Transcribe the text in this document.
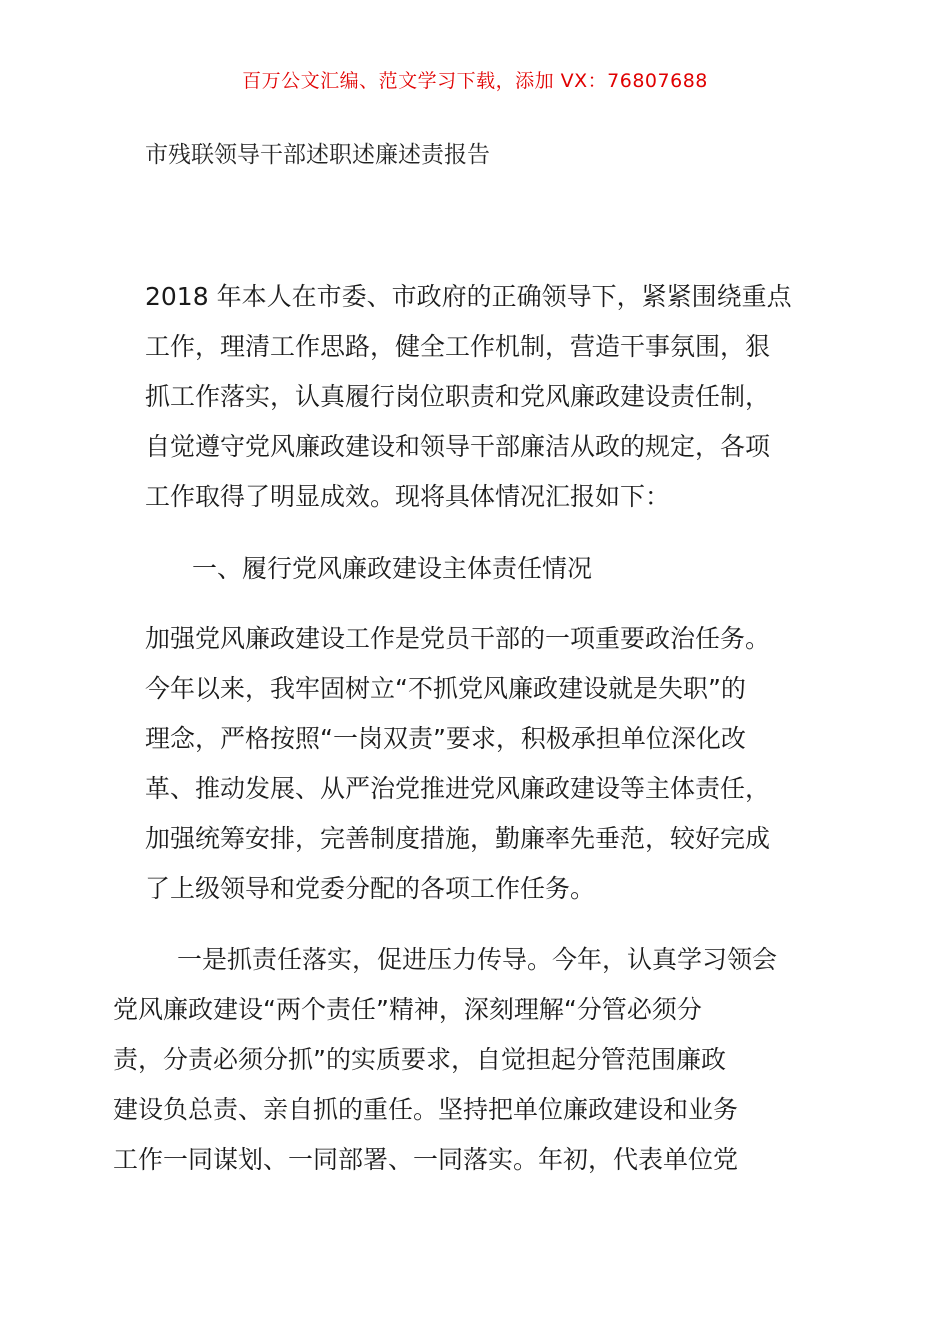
百万公文汇编、范文学习下载，添加 VX：76807688
市残联领导干部述职述廉述责报告
2018 年本人在市委、市政府的正确领导下，紧紧围绕重点
工作，理清工作思路，健全工作机制，营造干事氛围，狠
抓工作落实，认真履行岗位职责和党风廉政建设责任制，
自觉遵守党风廉政建设和领导干部廉洁从政的规定，各项
工作取得了明显成效。现将具体情况汇报如下：
一、履行党风廉政建设主体责任情况
加强党风廉政建设工作是党员干部的一项重要政治任务。
今年以来，我牢固树立“不抓党风廉政建设就是失职”的
理念，严格按照“一岗双责”要求，积极承担单位深化改
革、推动发展、从严治党推进党风廉政建设等主体责任，
加强统筹安排，完善制度措施，勤廉率先垂范，较好完成
了上级领导和党委分配的各项工作任务。
一是抓责任落实，促进压力传导。今年，认真学习领会
党风廉政建设“两个责任”精神，深刻理解“分管必须分
责，分责必须分抓”的实质要求，自觉担起分管范围廉政
建设负总责、亲自抓的重任。坚持把单位廉政建设和业务
工作一同谋划、一同部署、一同落实。年初，代表单位党
